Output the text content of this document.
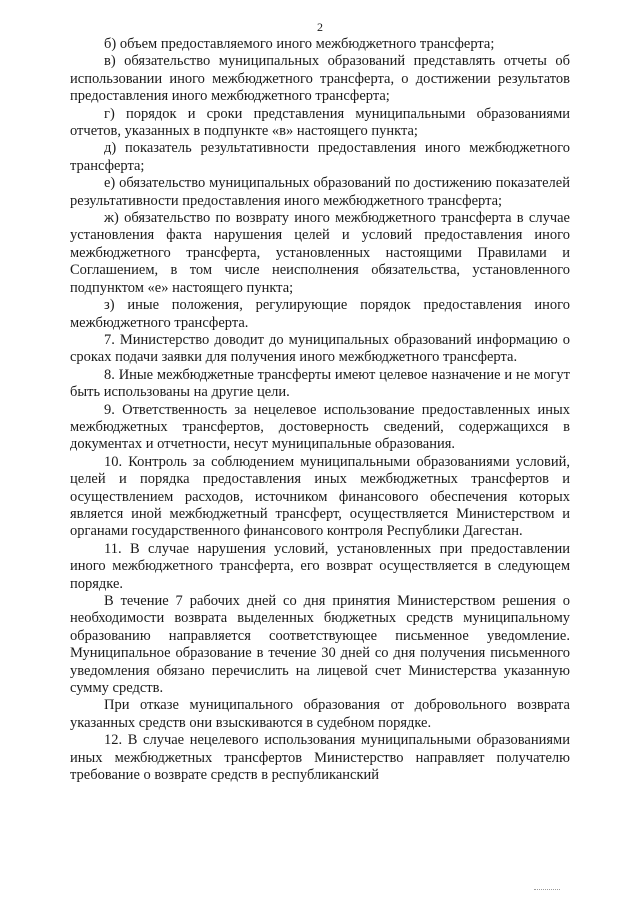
2

б) объем предоставляемого иного межбюджетного трансферта;

в) обязательство муниципальных образований представлять отчеты об использовании иного межбюджетного трансферта, о достижении результатов предоставления иного межбюджетного трансферта;

г) порядок и сроки представления муниципальными образованиями отчетов, указанных в подпункте «в» настоящего пункта;

д) показатель результативности предоставления иного межбюджетного трансферта;

е) обязательство муниципальных образований по достижению показателей результативности предоставления иного межбюджетного трансферта;

ж) обязательство по возврату иного межбюджетного трансферта в случае установления факта нарушения целей и условий предоставления иного межбюджетного трансферта, установленных настоящими Правилами и Соглашением, в том числе неисполнения обязательства, установленного подпунктом «е» настоящего пункта;

з) иные положения, регулирующие порядок предоставления иного межбюджетного трансферта.

7. Министерство доводит до муниципальных образований информацию о сроках подачи заявки для получения иного межбюджетного трансферта.

8. Иные межбюджетные трансферты имеют целевое назначение и не могут быть использованы на другие цели.

9. Ответственность за нецелевое использование предоставленных иных межбюджетных трансфертов, достоверность сведений, содержащихся в документах и отчетности, несут муниципальные образования.

10. Контроль за соблюдением муниципальными образованиями условий, целей и порядка предоставления иных межбюджетных трансфертов и осуществлением расходов, источником финансового обеспечения которых является иной межбюджетный трансферт, осуществляется Министерством и органами государственного финансового контроля Республики Дагестан.

11. В случае нарушения условий, установленных при предоставлении иного межбюджетного трансферта, его возврат осуществляется в следующем порядке.

В течение 7 рабочих дней со дня принятия Министерством решения о необходимости возврата выделенных бюджетных средств муниципальному образованию направляется соответствующее письменное уведомление. Муниципальное образование в течение 30 дней со дня получения письменного уведомления обязано перечислить на лицевой счет Министерства указанную сумму средств.

При отказе муниципального образования от добровольного возврата указанных средств они взыскиваются в судебном порядке.

12. В случае нецелевого использования муниципальными образованиями иных межбюджетных трансфертов Министерство направляет получателю требование о возврате средств в республиканский
